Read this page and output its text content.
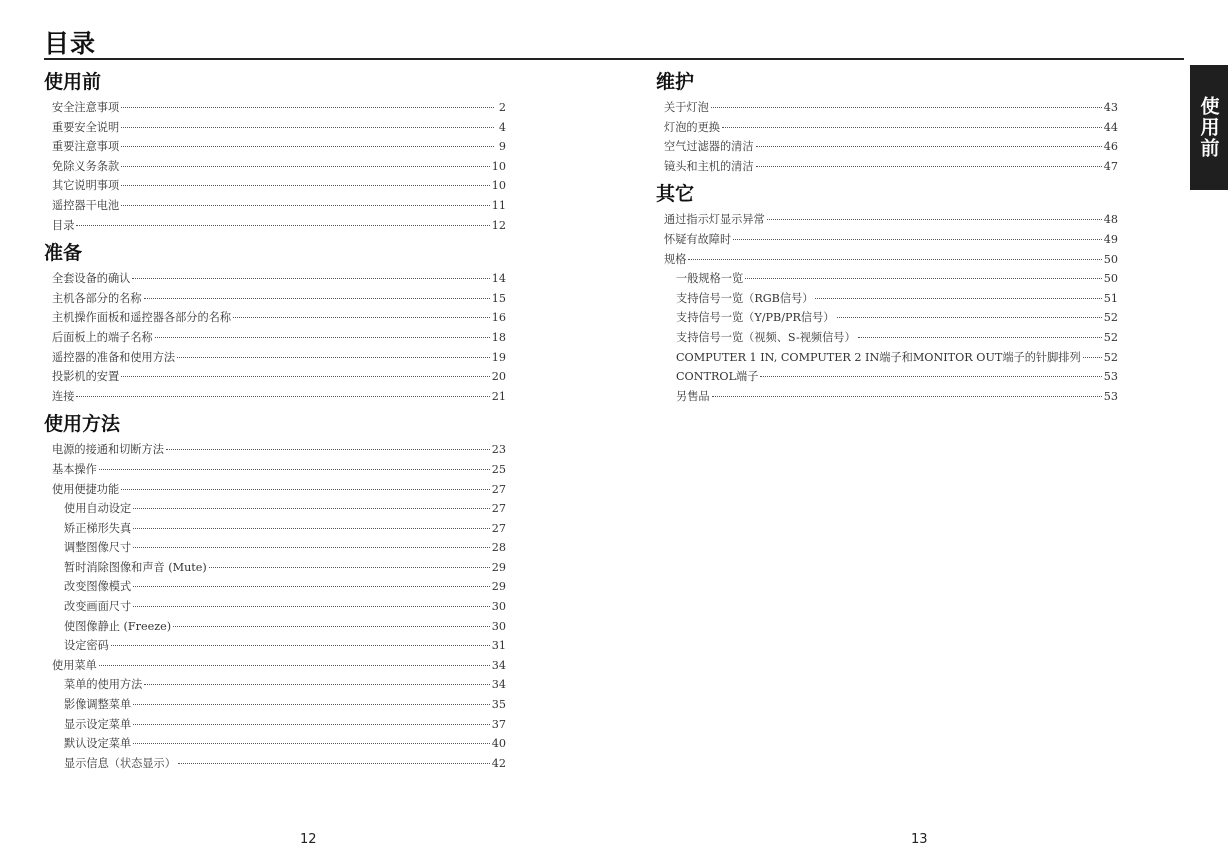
目录
使用前
使用前
安全注意事项	2
重要安全说明	4
重要注意事项	9
免除义务条款	10
其它说明事项	10
遥控器干电池	11
目录	12
准备
全套设备的确认	14
主机各部分的名称	15
主机操作面板和遥控器各部分的名称	16
后面板上的端子名称	18
遥控器的准备和使用方法	19
投影机的安置	20
连接	21
使用方法
电源的接通和切断方法	23
基本操作	25
使用便捷功能	27
使用自动设定	27
矫正梯形失真	27
调整图像尺寸	28
暂时消除图像和声音 (Mute)	29
改变图像模式	29
改变画面尺寸	30
使图像静止 (Freeze)	30
设定密码	31
使用菜单	34
菜单的使用方法	34
影像调整菜单	35
显示设定菜单	37
默认设定菜单	40
显示信息（状态显示）	42
维护
关于灯泡	43
灯泡的更换	44
空气过滤器的清洁	46
镜头和主机的清洁	47
其它
通过指示灯显示异常	48
怀疑有故障时	49
规格	50
一般规格一览	50
支持信号一览（RGB信号）	51
支持信号一览（Y/PB/PR信号）	52
支持信号一览（视频、S-视频信号）	52
COMPUTER 1 IN, COMPUTER 2 IN端子和MONITOR OUT端子的针脚排列 52
CONTROL端子	53
另售品	53
12	13
